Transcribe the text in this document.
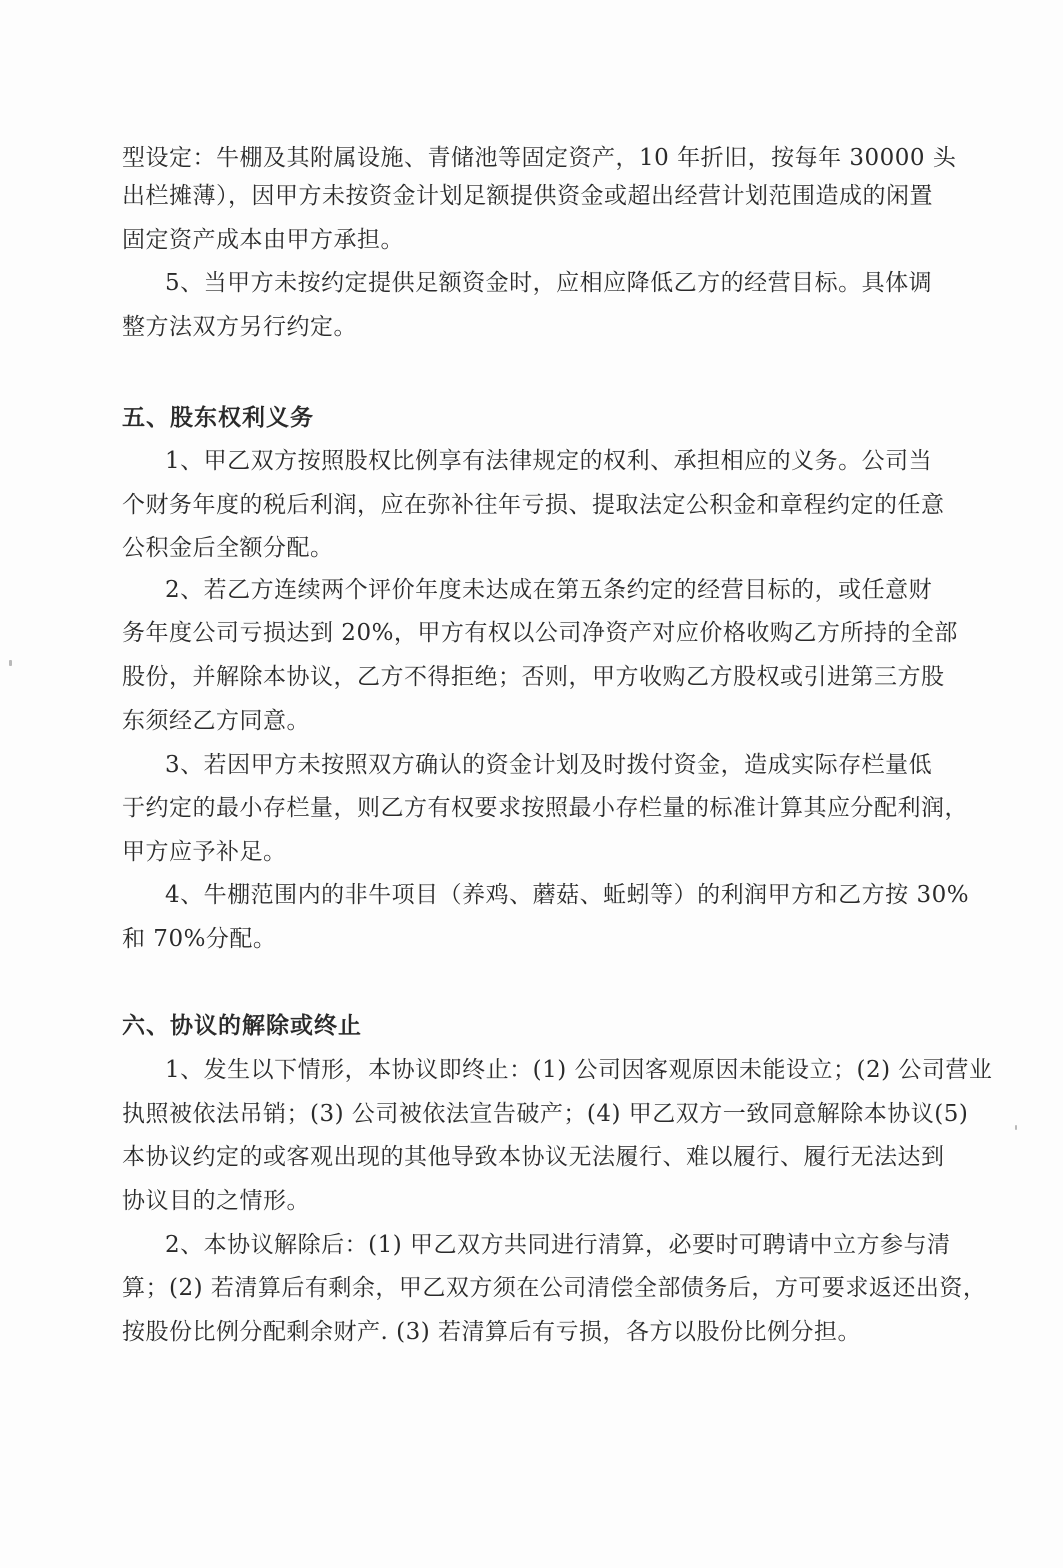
型设定：牛棚及其附属设施、青储池等固定资产，10 年折旧，按每年 30000 头
出栏摊薄），因甲方未按资金计划足额提供资金或超出经营计划范围造成的闲置
固定资产成本由甲方承担。
5、当甲方未按约定提供足额资金时，应相应降低乙方的经营目标。具体调
整方法双方另行约定。
五、股东权利义务
1、甲乙双方按照股权比例享有法律规定的权利、承担相应的义务。公司当
个财务年度的税后利润，应在弥补往年亏损、提取法定公积金和章程约定的任意
公积金后全额分配。
2、若乙方连续两个评价年度未达成在第五条约定的经营目标的，或任意财
务年度公司亏损达到 20%，甲方有权以公司净资产对应价格收购乙方所持的全部
股份，并解除本协议，乙方不得拒绝；否则，甲方收购乙方股权或引进第三方股
东须经乙方同意。
3、若因甲方未按照双方确认的资金计划及时拨付资金，造成实际存栏量低
于约定的最小存栏量，则乙方有权要求按照最小存栏量的标准计算其应分配利润，
甲方应予补足。
4、牛棚范围内的非牛项目（养鸡、蘑菇、蚯蚓等）的利润甲方和乙方按 30%
和 70%分配。
六、协议的解除或终止
1、发生以下情形，本协议即终止：(1) 公司因客观原因未能设立；(2) 公司营业
执照被依法吊销；(3) 公司被依法宣告破产；(4) 甲乙双方一致同意解除本协议(5)
本协议约定的或客观出现的其他导致本协议无法履行、难以履行、履行无法达到
协议目的之情形。
2、本协议解除后：(1) 甲乙双方共同进行清算，必要时可聘请中立方参与清
算；(2) 若清算后有剩余，甲乙双方须在公司清偿全部债务后，方可要求返还出资，
按股份比例分配剩余财产. (3) 若清算后有亏损，各方以股份比例分担。
